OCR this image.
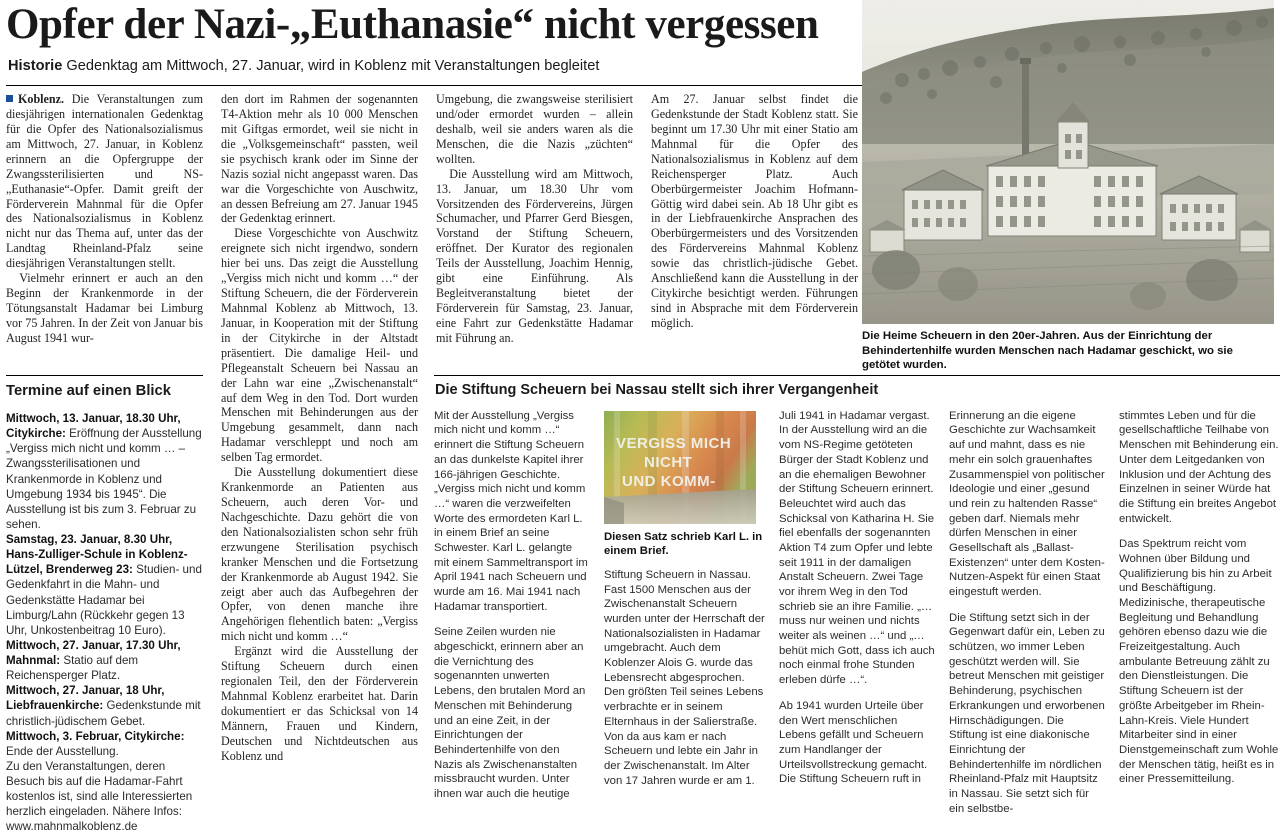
Opfer der Nazi-„Euthanasie“ nicht vergessen
Historie Gedenktag am Mittwoch, 27. Januar, wird in Koblenz mit Veranstaltungen begleitet

Koblenz. Die Veranstaltungen zum diesjährigen internationalen Gedenktag für die Opfer des Nationalsozialismus am Mittwoch, 27. Januar, in Koblenz erinnern an die Opfergruppe der Zwangssterilisierten und NS-„Euthanasie“-Opfer. Damit greift der Förderverein Mahnmal für die Opfer des Nationalsozialismus in Koblenz nicht nur das Thema auf, unter das der Landtag Rheinland-Pfalz seine diesjährigen Veranstaltungen stellt.

Vielmehr erinnert er auch an den Beginn der Krankenmorde in der Tötungsanstalt Hadamar bei Limburg vor 75 Jahren. In der Zeit von Januar bis August 1941 wur-

den dort im Rahmen der sogenannten T4-Aktion mehr als 10 000 Menschen mit Giftgas ermordet, weil sie nicht in die „Volksgemeinschaft“ passten, weil sie psychisch krank oder im Sinne der Nazis sozial nicht angepasst waren. Das war die Vorgeschichte von Auschwitz, an dessen Befreiung am 27. Januar 1945 der Gedenktag erinnert.

Diese Vorgeschichte von Auschwitz ereignete sich nicht irgendwo, sondern hier bei uns. Das zeigt die Ausstellung „Vergiss mich nicht und komm …“ der Stiftung Scheuern, die der Förderverein Mahnmal Koblenz ab Mittwoch, 13. Januar, in Kooperation mit der Stiftung in der Citykirche in der Altstadt präsentiert. Die damalige Heil- und Pflegeanstalt Scheuern bei Nassau an der Lahn war eine „Zwischenanstalt“ auf dem Weg in den Tod. Dort wurden Menschen mit Behinderungen aus der Umgebung gesammelt, dann nach Hadamar verschleppt und noch am selben Tag ermordet.

Die Ausstellung dokumentiert diese Krankenmorde an Patienten aus Scheuern, auch deren Vor- und Nachgeschichte. Dazu gehört die von den Nationalsozialisten schon sehr früh erzwungene Sterilisation psychisch kranker Menschen und die Fortsetzung der Krankenmorde ab August 1942. Sie zeigt aber auch das Aufbegehren der Opfer, von denen manche ihre Angehörigen flehentlich baten: „Vergiss mich nicht und komm …“

Ergänzt wird die Ausstellung der Stiftung Scheuern durch einen regionalen Teil, den der Förderverein Mahnmal Koblenz erarbeitet hat. Darin dokumentiert er das Schicksal von 14 Männern, Frauen und Kindern, Deutschen und Nichtdeutschen aus Koblenz und

Umgebung, die zwangsweise sterilisiert und/oder ermordet wurden – allein deshalb, weil sie anders waren als die Menschen, die die Nazis „züchten“ wollten.

Die Ausstellung wird am Mittwoch, 13. Januar, um 18.30 Uhr vom Vorsitzenden des Fördervereins, Jürgen Schumacher, und Pfarrer Gerd Biesgen, Vorstand der Stiftung Scheuern, eröffnet. Der Kurator des regionalen Teils der Ausstellung, Joachim Hennig, gibt eine Einführung. Als Begleitveranstaltung bietet der Förderverein für Samstag, 23. Januar, eine Fahrt zur Gedenkstätte Hadamar mit Führung an.

Am 27. Januar selbst findet die Gedenkstunde der Stadt Koblenz statt. Sie beginnt um 17.30 Uhr mit einer Statio am Mahnmal für die Opfer des Nationalsozialismus in Koblenz auf dem Reichensperger Platz. Auch Oberbürgermeister Joachim Hofmann-Göttig wird dabei sein. Ab 18 Uhr gibt es in der Liebfrauenkirche Ansprachen des Oberbürgermeisters und des Vorsitzenden des Fördervereins Mahnmal Koblenz sowie das christlich-jüdische Gebet. Anschließend kann die Ausstellung in der Citykirche besichtigt werden. Führungen sind in Absprache mit dem Förderverein möglich.

Die Heime Scheuern in den 20er-Jahren. Aus der Einrichtung der Behindertenhilfe wurden Menschen nach Hadamar geschickt, wo sie getötet wurden.
Termine auf einen Blick

Mittwoch, 13. Januar, 18.30 Uhr, Citykirche: Eröffnung der Ausstellung „Vergiss mich nicht und komm … – Zwangssterilisationen und Krankenmorde in Koblenz und Umgebung 1934 bis 1945“. Die Ausstellung ist bis zum 3. Februar zu sehen.

Samstag, 23. Januar, 8.30 Uhr, Hans-Zulliger-Schule in Koblenz-Lützel, Brenderweg 23: Studien- und Gedenkfahrt in die Mahn- und Gedenkstätte Hadamar bei Limburg/Lahn (Rückkehr gegen 13 Uhr, Unkostenbeitrag 10 Euro).

Mittwoch, 27. Januar, 17.30 Uhr, Mahnmal: Statio auf dem Reichensperger Platz.

Mittwoch, 27. Januar, 18 Uhr, Liebfrauenkirche: Gedenkstunde mit christlich-jüdischem Gebet.

Mittwoch, 3. Februar, Citykirche: Ende der Ausstellung.

Zu den Veranstaltungen, deren Besuch bis auf die Hadamar-Fahrt kostenlos ist, sind alle Interessierten herzlich eingeladen. Nähere Infos: www.mahnmalkoblenz.de

Die Stiftung Scheuern bei Nassau stellt sich ihrer Vergangenheit

Mit der Ausstellung „Vergiss mich nicht und komm …“ erinnert die Stiftung Scheuern an das dunkelste Kapitel ihrer 166-jährigen Geschichte. „Vergiss mich nicht und komm …“ waren die verzweifelten Worte des ermordeten Karl L. in einem Brief an seine Schwester. Karl L. gelangte mit einem Sammeltransport im April 1941 nach Scheuern und wurde am 16. Mai 1941 nach Hadamar transportiert.

Seine Zeilen wurden nie abgeschickt, erinnern aber an die Vernichtung des sogenannten unwerten Lebens, den brutalen Mord an Menschen mit Behinderung und an eine Zeit, in der Einrichtungen der Behindertenhilfe von den Nazis als Zwischenanstalten missbraucht wurden. Unter ihnen war auch die heutige

VERGISS MICH
NICHT
UND KOMM-
Diesen Satz schrieb Karl L. in einem Brief.

Stiftung Scheuern in Nassau. Fast 1500 Menschen aus der Zwischenanstalt Scheuern wurden unter der Herrschaft der Nationalsozialisten in Hadamar umgebracht. Auch dem Koblenzer Alois G. wurde das Lebensrecht abgesprochen. Den größten Teil seines Lebens verbrachte er in seinem Elternhaus in der Salierstraße. Von da aus kam er nach Scheuern und lebte ein Jahr in der Zwischenanstalt. Im Alter von 17 Jahren wurde er am 1.

Juli 1941 in Hadamar vergast. In der Ausstellung wird an die vom NS-Regime getöteten Bürger der Stadt Koblenz und an die ehemaligen Bewohner der Stiftung Scheuern erinnert. Beleuchtet wird auch das Schicksal von Katharina H. Sie fiel ebenfalls der sogenannten Aktion T4 zum Opfer und lebte seit 1911 in der damaligen Anstalt Scheuern. Zwei Tage vor ihrem Weg in den Tod schrieb sie an ihre Familie. „… muss nur weinen und nichts weiter als weinen …“ und „… behüt mich Gott, dass ich auch noch einmal frohe Stunden erleben dürfe …“.

Ab 1941 wurden Urteile über den Wert menschlichen Lebens gefällt und Scheuern zum Handlanger der Urteilsvollstreckung gemacht. Die Stiftung Scheuern ruft in

Erinnerung an die eigene Geschichte zur Wachsamkeit auf und mahnt, dass es nie mehr ein solch grauenhaftes Zusammenspiel von politischer Ideologie und einer „gesund und rein zu haltenden Rasse“ geben darf. Niemals mehr dürfen Menschen in einer Gesellschaft als „Ballast-Existenzen“ unter dem Kosten-Nutzen-Aspekt für einen Staat eingestuft werden.

Die Stiftung setzt sich in der Gegenwart dafür ein, Leben zu schützen, wo immer Leben geschützt werden will. Sie betreut Menschen mit geistiger Behinderung, psychischen Erkrankungen und erworbenen Hirnschädigungen. Die Stiftung ist eine diakonische Einrichtung der Behindertenhilfe im nördlichen Rheinland-Pfalz mit Hauptsitz in Nassau. Sie setzt sich für ein selbstbe-

stimmtes Leben und für die gesellschaftliche Teilhabe von Menschen mit Behinderung ein. Unter dem Leitgedanken von Inklusion und der Achtung des Einzelnen in seiner Würde hat die Stiftung ein breites Angebot entwickelt.

Das Spektrum reicht vom Wohnen über Bildung und Qualifizierung bis hin zu Arbeit und Beschäftigung. Medizinische, therapeutische Begleitung und Behandlung gehören ebenso dazu wie die Freizeitgestaltung. Auch ambulante Betreuung zählt zu den Dienstleistungen. Die Stiftung Scheuern ist der größte Arbeitgeber im Rhein-Lahn-Kreis. Viele Hundert Mitarbeiter sind in einer Dienstgemeinschaft zum Wohle der Menschen tätig, heißt es in einer Pressemitteilung.
